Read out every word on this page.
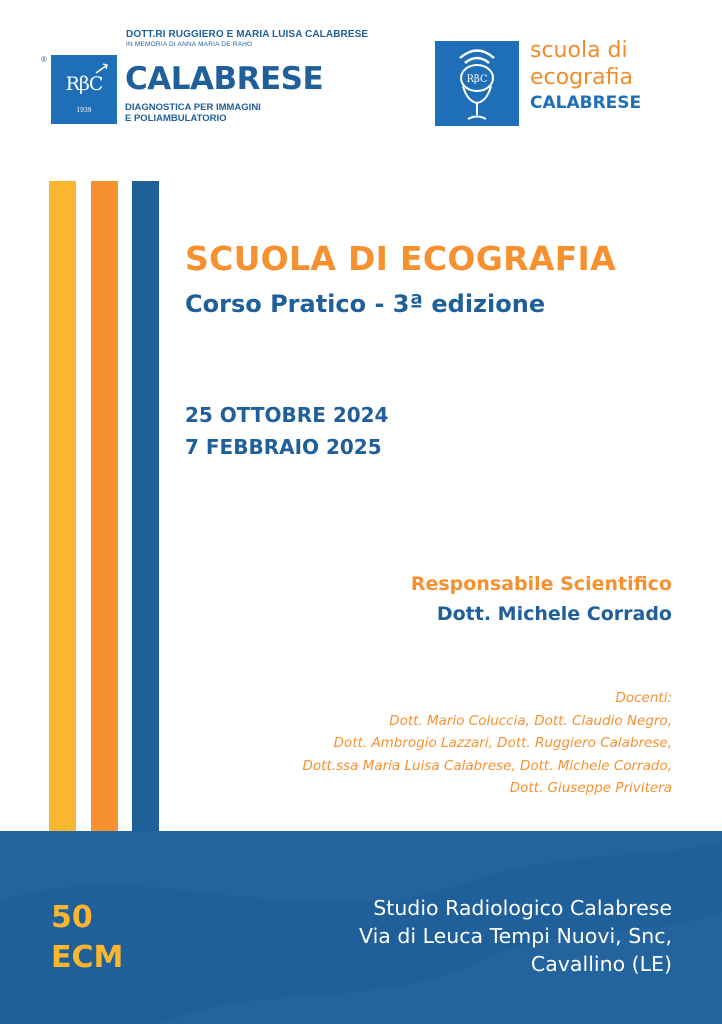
DOTT.RI RUGGIERO E MARIA LUISA CALABRESE
IN MEMORIA DI ANNA MARIA DE RAHO
®
RβC
1939
CALABRESE
DIAGNOSTICA PER IMMAGINI
E POLIAMBULATORIO
RβC
scuola di
ecografia
CALABRESE
SCUOLA DI ECOGRAFIA
Corso Pratico - 3ª edizione
25 OTTOBRE 2024
7 FEBBRAIO 2025
Responsabile Scientifico
Dott. Michele Corrado
Docenti:
Dott. Mario Coluccia, Dott. Claudio Negro,
Dott. Ambrogio Lazzari, Dott. Ruggiero Calabrese,
Dott.ssa Maria Luisa Calabrese, Dott. Michele Corrado,
Dott. Giuseppe Privitera
50
ECM
Studio Radiologico Calabrese
Via di Leuca Tempi Nuovi, Snc,
Cavallino (LE)
